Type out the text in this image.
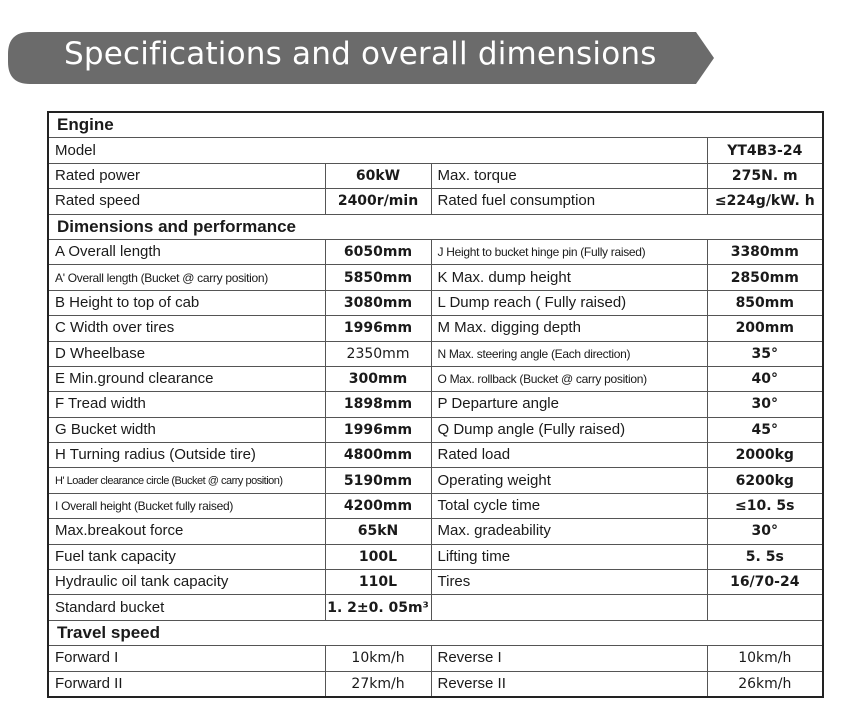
Specifications and overall dimensions
Engine			
Model			YT4B3-24
Rated power	60kW	Max. torque	275N. m
Rated speed	2400r/min	Rated fuel consumption	≤224g/kW. h
Dimensions and performance			
A Overall length	6050mm	J Height to bucket hinge pin (Fully raised)	3380mm
A' Overall length (Bucket @ carry position)	5850mm	K Max. dump height	2850mm
B Height to top of cab	3080mm	L Dump reach ( Fully raised)	850mm
C Width over tires	1996mm	M Max. digging depth	200mm
D Wheelbase	2350mm	N Max. steering angle (Each direction)	35°
E Min.ground clearance	300mm	O Max. rollback (Bucket @ carry position)	40°
F Tread width	1898mm	P Departure angle	30°
G Bucket width	1996mm	Q Dump angle (Fully raised)	45°
H Turning radius (Outside tire)	4800mm	Rated load	2000kg
H' Loader clearance circle (Bucket @ carry position)	5190mm	Operating weight	6200kg
I Overall height (Bucket fully raised)	4200mm	Total cycle time	≤10. 5s
Max.breakout force	65kN	Max. gradeability	30°
Fuel tank capacity	100L	Lifting time	5. 5s
Hydraulic oil tank capacity	110L	Tires	16/70-24
Standard bucket	1. 2±0. 05m³		
Travel speed			
Forward I	10km/h	Reverse I	10km/h
Forward II	27km/h	Reverse II	26km/h
